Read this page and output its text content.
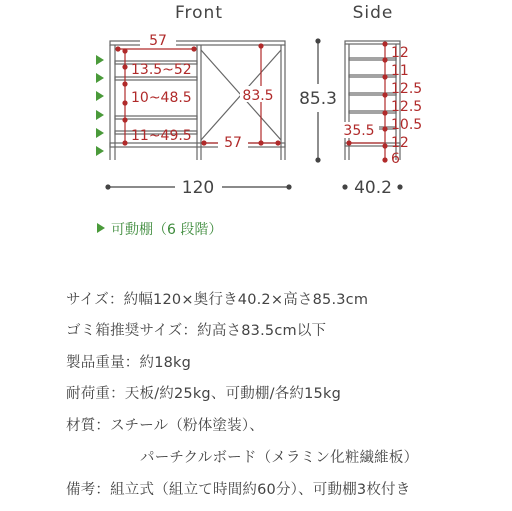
Front	Side
57
13.5~52
10~48.5
11~49.5 57
83.5 85.3
120
12
11
12.5
12.5
10.5
12
6
35.5
40.2
可動棚（6 段階）
サイズ：約幅120×奥行き40.2×高さ85.3cm
ゴミ箱推奨サイズ：約高さ83.5cm以下
製品重量：約18kg
耐荷重：天板/約25kg、可動棚/各約15kg
材質：スチール（粉体塗装）、
パーチクルボード（メラミン化粧繊維板）
備考：組立式（組立て時間約60分）、可動棚3枚付き
